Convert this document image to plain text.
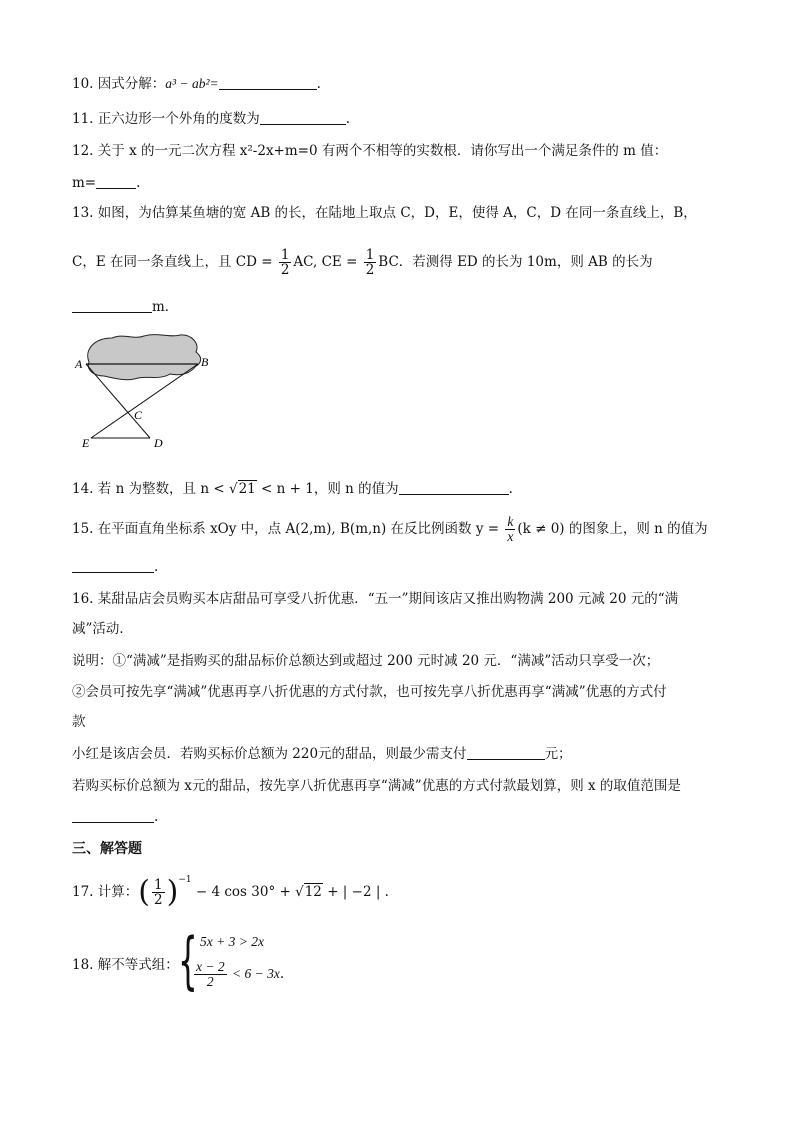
10. 因式分解：a³ − ab²=	.
11. 正六边形一个外角的度数为	.
12. 关于 x 的一元二次方程 x²-2x+m=0 有两个不相等的实数根．请你写出一个满足条件的 m 值：
m=	.
13. 如图，为估算某鱼塘的宽 AB 的长，在陆地上取点 C，D，E，使得 A，C，D 在同一条直线上，B，
C，E 在同一条直线上，且 CD = $\frac{1}{2}$ AC, CE = $\frac{1}{2}$ BC．若测得 ED 的长为 10m，则 AB 的长为
m．
A	B
C
E	D
14. 若 n 为整数，且 n < √21 < n + 1，则 n 的值为	.
15. 在平面直角坐标系 xOy 中，点 A(2,m), B(m,n) 在反比例函数 $y = \frac{k}{x} (k \ne 0)$ 的图象上，则 n 的值为
.
16. 某甜品店会员购买本店甜品可享受八折优惠．“五一”期间该店又推出购物满 200 元减 20 元的“满
减”活动．
说明：①“满减”是指购买的甜品标价总额达到或超过 200 元时减 20 元．“满减”活动只享受一次；
②会员可按先享“满减”优惠再享八折优惠的方式付款，也可按先享八折优惠再享“满减”优惠的方式付
款
小红是该店会员．若购买标价总额为 220元的甜品，则最少需支付	元；
若购买标价总额为 x元的甜品，按先享八折优惠再享“满减”优惠的方式付款最划算，则 x 的取值范围是
.
三、解答题
17. 计算：( $\frac{1}{2} )^{-1} - 4$ cos 30° + √12 + | −2 | .
18. 解不等式组： { 5x + 3 > 2x
$\frac{x - 2}{2} < 6 - 3x$.
